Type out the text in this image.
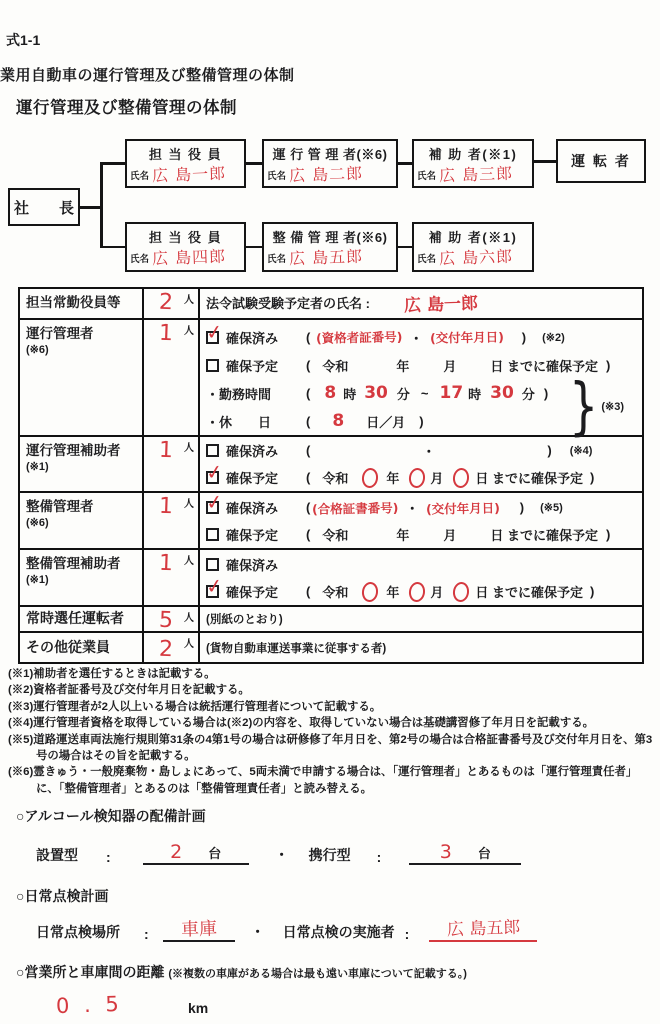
式1-1
業用自動車の運行管理及び整備管理の体制
運行管理及び整備管理の体制
社　　長
担 当 役 員
氏名 広 島一郎
運 行 管 理 者(※6)
氏名 広 島二郎
補 助 者(※1)
氏名 広 島三郎
運 転 者
担 当 役 員
氏名 広 島四郎
整 備 管 理 者(※6)
氏名 広 島五郎
補 助 者(※1)
氏名 広 島六郎
担当常勤役員等	2 人 法令試験受験予定者の氏名 : 広 島一郎
運行管理者
(※6)
1 人 ✓ 確保済み ( (資格者証番号) ・ (交付年月日) ) (※2)
確保予定 ( 令和	年	月	日 までに確保予定 )
・勤務時間	( 8 時 30 分 ~ 17 時 30 分 )
・休　　日	( 8 日／月 )	} (※3)
運行管理補助者
(※1)
1 人 確保済み (	・	) (※4)
✓ 確保予定 ( 令和	年 月 日 までに確保予定 )
整備管理者
(※6)
1 人 ✓ 確保済み ( (合格証書番号) ・ (交付年月日) ) (※5)
確保予定 ( 令和	年	月	日 までに確保予定 )
整備管理補助者
(※1)
1 人 確保済み
✓ 確保予定 ( 令和	年 月 日 までに確保予定 )
常時選任運転者	5 人 (別紙のとおり)
その他従業員	2 人 (貨物自動車運送事業に従事する者)
(※1)補助者を選任するときは記載する。
(※2)資格者証番号及び交付年月日を記載する。
(※3)運行管理者が2人以上いる場合は統括運行管理者について記載する。
(※4)運行管理者資格を取得している場合は(※2)の内容を、取得していない場合は基礎講習修了年月日を記載する。
(※5)道路運送車両法施行規則第31条の4第1号の場合は研修修了年月日を、第2号の場合は合格証書番号及び交付年月日を、第3号の場合はその旨を記載する。
(※6)霊きゅう・一般廃棄物・島しょにあって、5両未満で申請する場合は、「運行管理者」とあるものは「運行管理責任者」に、「整備管理者」とあるのは「整備管理責任者」と読み替える。
○アルコール検知器の配備計画
設置型 :	2 台	・ 携行型 :	3 台
○日常点検計画
日常点検場所 : 車庫 ・ 日常点検の実施者 : 広 島五郎
○営業所と車庫間の距離 (※複数の車庫がある場合は最も遠い車庫について記載する。)
0 . 5	km
